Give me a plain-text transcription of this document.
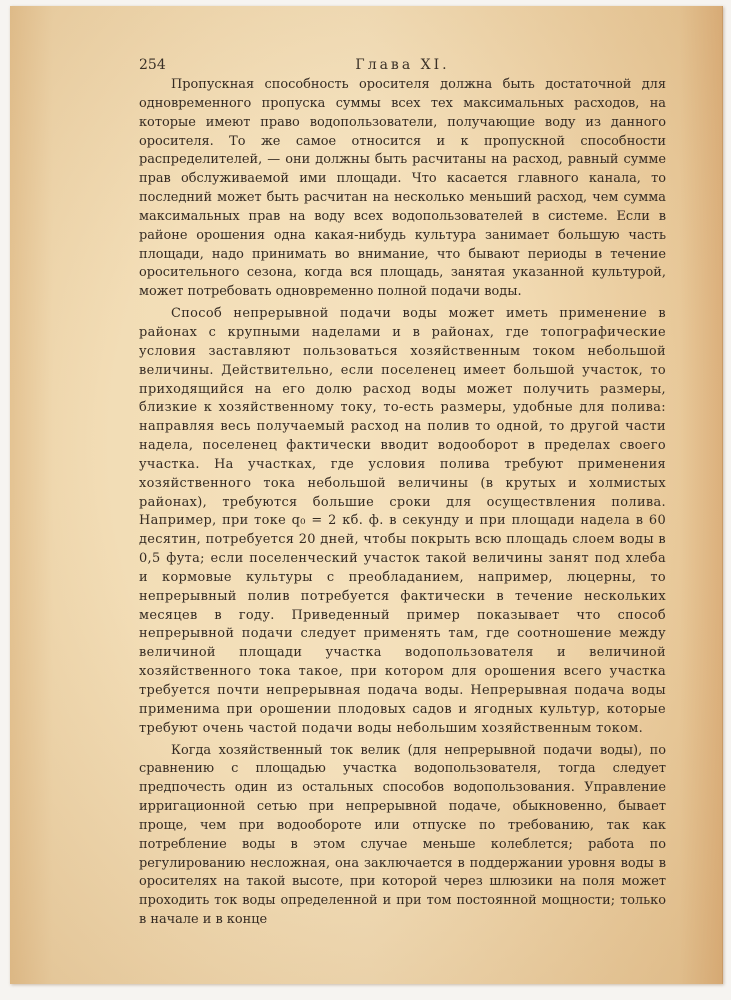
254	Глава XI.

Пропускная способность оросителя должна быть достаточной для одновременного пропуска суммы всех тех максимальных расходов, на которые имеют право водопользователи, получающие воду из данного оросителя. То же самое относится и к пропускной способности распределителей, — они должны быть расчитаны на расход, равный сумме прав обслуживаемой ими площади. Что касается главного канала, то последний может быть расчитан на несколько меньший расход, чем сумма максимальных прав на воду всех водопользователей в системе. Если в районе орошения одна какая-нибудь культура занимает большую часть площади, надо принимать во внимание, что бывают периоды в течение оросительного сезона, когда вся площадь, занятая указанной культурой, может потребовать одновременно полной подачи воды.

Способ непрерывной подачи воды может иметь применение в районах с крупными наделами и в районах, где топографические условия заставляют пользоваться хозяйственным током небольшой величины. Действительно, если поселенец имеет большой участок, то приходящийся на его долю расход воды может получить размеры, близкие к хозяйственному току, то-есть размеры, удобные для полива: направляя весь получаемый расход на полив то одной, то другой части надела, поселенец фактически вводит водооборот в пределах своего участка. На участках, где условия полива требуют применения хозяйственного тока небольшой величины (в крутых и холмистых районах), требуются большие сроки для осуществления полива. Например, при токе q₀ = 2 кб. ф. в секунду и при площади надела в 60 десятин, потребуется 20 дней, чтобы покрыть всю площадь слоем воды в 0,5 фута; если поселенческий участок такой величины занят под хлеба и кормовые культуры с преобладанием, например, люцерны, то непрерывный полив потребуется фактически в течение нескольких месяцев в году. Приведенный пример показывает что способ непрерывной подачи следует применять там, где соотношение между величиной площади участка водопользователя и величиной хозяйственного тока такое, при котором для орошения всего участка требуется почти непрерывная подача воды. Непрерывная подача воды применима при орошении плодовых садов и ягодных культур, которые требуют очень частой подачи воды небольшим хозяйственным током.

Когда хозяйственный ток велик (для непрерывной подачи воды), по сравнению с площадью участка водопользователя, тогда следует предпочесть один из остальных способов водопользования. Управление ирригационной сетью при непрерывной подаче, обыкновенно, бывает проще, чем при водообороте или отпуске по требованию, так как потребление воды в этом случае меньше колеблется; работа по регулированию несложная, она заключается в поддержании уровня воды в оросителях на такой высоте, при которой через шлюзики на поля может проходить ток воды определенной и при том постоянной мощности; только в начале и в конце
